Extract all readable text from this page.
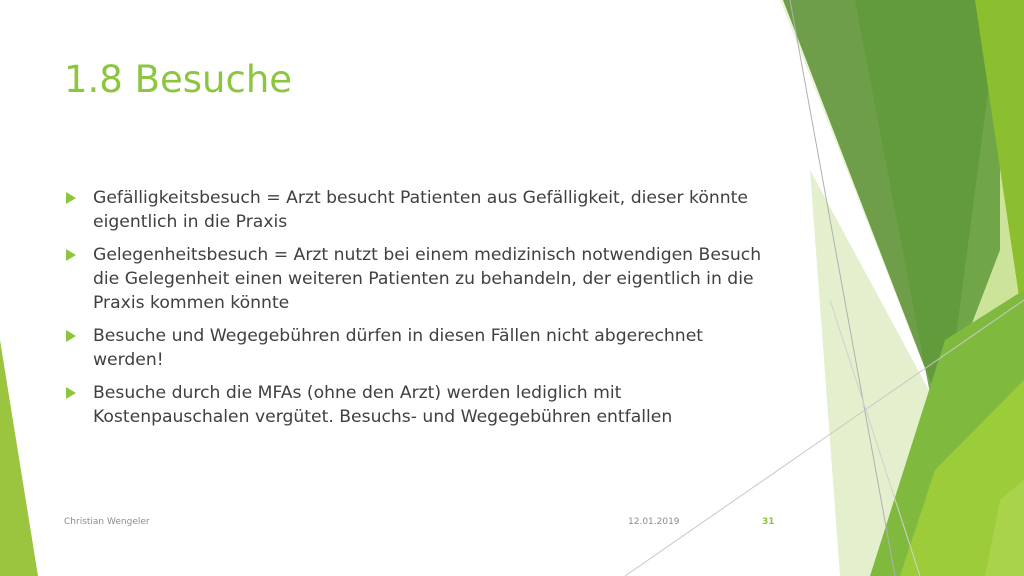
1.8 Besuche
Gefälligkeitsbesuch = Arzt besucht Patienten aus Gefälligkeit, dieser könnte eigentlich in die Praxis
Gelegenheitsbesuch = Arzt nutzt bei einem medizinisch notwendigen Besuch die Gelegenheit einen weiteren Patienten zu behandeln, der eigentlich in die Praxis kommen könnte
Besuche und Wegegebühren dürfen in diesen Fällen nicht abgerechnet werden!
Besuche durch die MFAs (ohne den Arzt) werden lediglich mit Kostenpauschalen vergütet. Besuchs- und Wegegebühren entfallen
Christian Wengeler	12.01.2019	31
